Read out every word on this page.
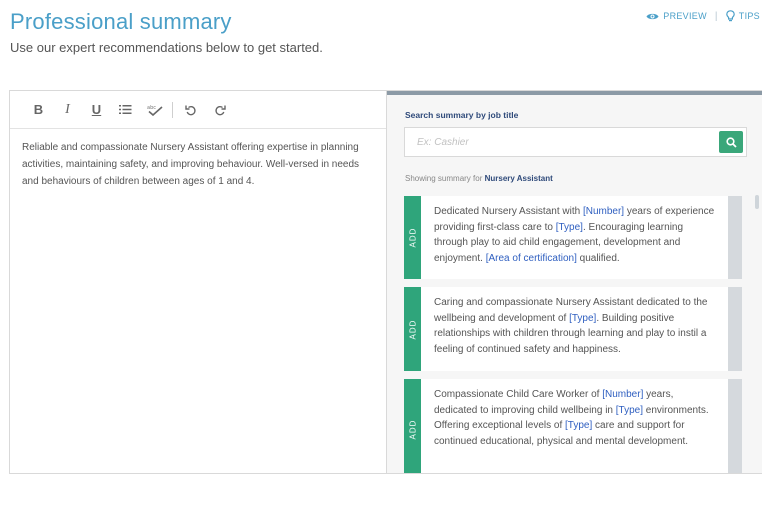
Professional summary
Use our expert recommendations below to get started.
PREVIEW | TIPS
B	I	U	abc
Reliable and compassionate Nursery Assistant offering expertise in planning activities, maintaining safety, and improving behaviour. Well-versed in needs and behaviours of children between ages of 1 and 4.
Search summary by job title
Ex: Cashier
Showing summary for Nursery Assistant
ADD
Dedicated Nursery Assistant with [Number] years of experience providing first-class care to [Type]. Encouraging learning through play to aid child engagement, development and enjoyment. [Area of certification] qualified.
ADD
Caring and compassionate Nursery Assistant dedicated to the wellbeing and development of [Type]. Building positive relationships with children through learning and play to instil a feeling of continued safety and happiness.
ADD
Compassionate Child Care Worker of [Number] years, dedicated to improving child wellbeing in [Type] environments. Offering exceptional levels of [Type] care and support for continued educational, physical and mental development.
